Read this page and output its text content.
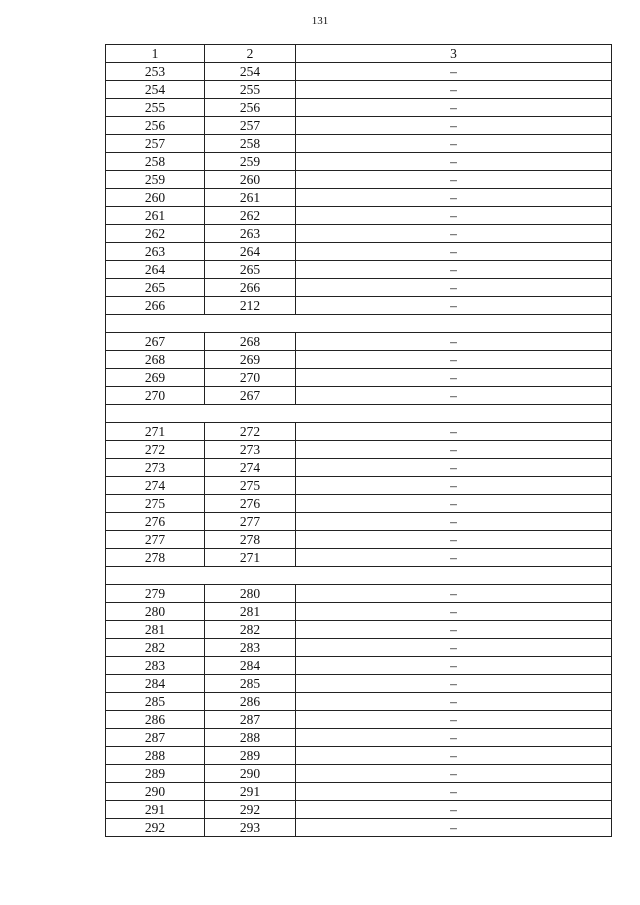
131
1	2	3
253	254	–
254	255	–
255	256	–
256	257	–
257	258	–
258	259	–
259	260	–
260	261	–
261	262	–
262	263	–
263	264	–
264	265	–
265	266	–
266	212	–

267	268	–
268	269	–
269	270	–
270	267	–

271	272	–
272	273	–
273	274	–
274	275	–
275	276	–
276	277	–
277	278	–
278	271	–

279	280	–
280	281	–
281	282	–
282	283	–
283	284	–
284	285	–
285	286	–
286	287	–
287	288	–
288	289	–
289	290	–
290	291	–
291	292	–
292	293	–
